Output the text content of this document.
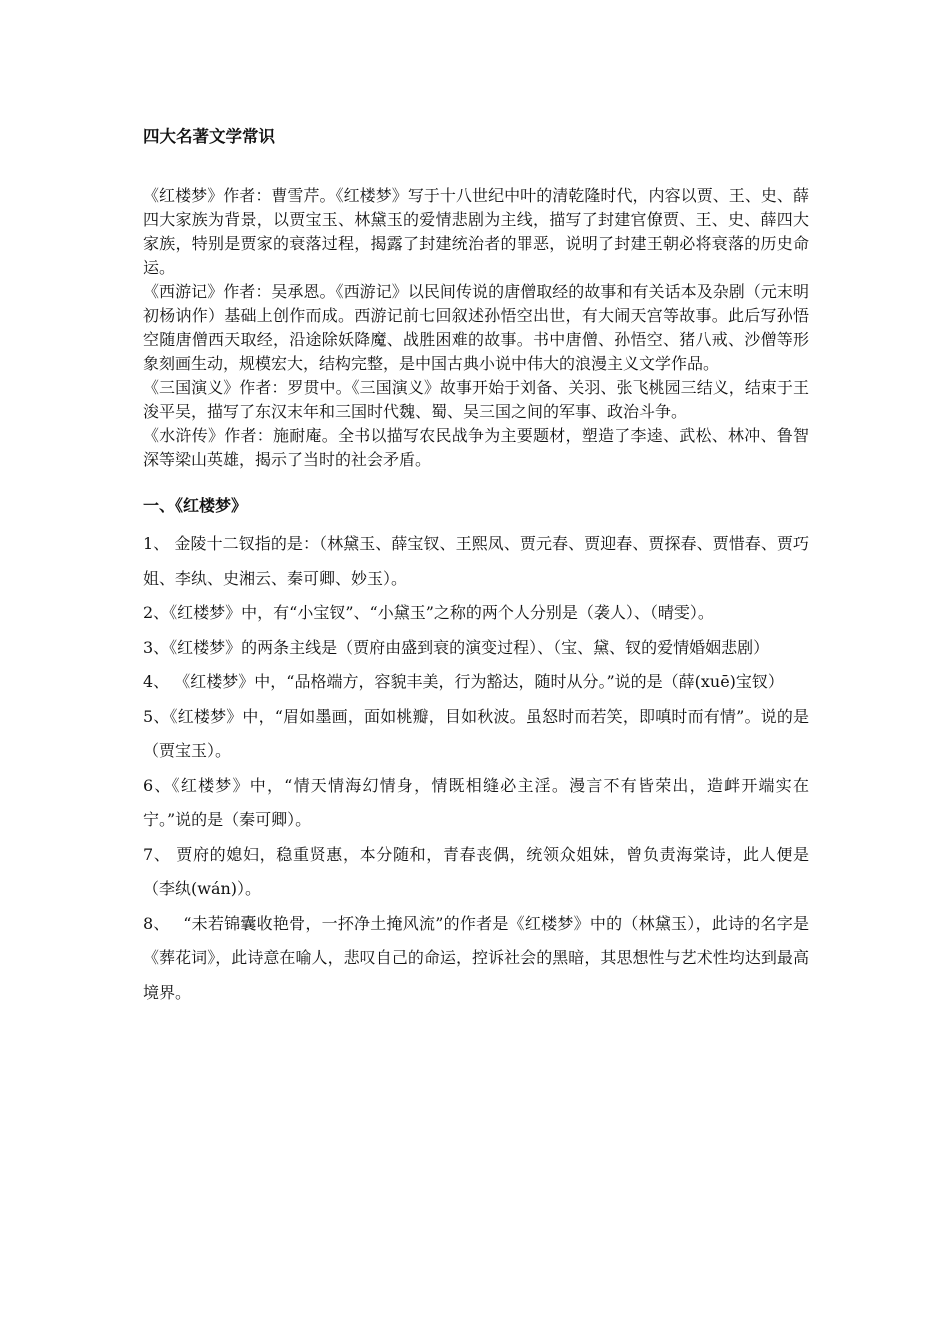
四大名著文学常识

《红楼梦》作者：曹雪芹。《红楼梦》写于十八世纪中叶的清乾隆时代，内容以贾、王、史、薛四大家族为背景，以贾宝玉、林黛玉的爱情悲剧为主线，描写了封建官僚贾、王、史、薛四大家族，特别是贾家的衰落过程，揭露了封建统治者的罪恶，说明了封建王朝必将衰落的历史命运。

《西游记》作者：吴承恩。《西游记》以民间传说的唐僧取经的故事和有关话本及杂剧（元末明初杨讷作）基础上创作而成。西游记前七回叙述孙悟空出世，有大闹天宫等故事。此后写孙悟空随唐僧西天取经，沿途除妖降魔、战胜困难的故事。书中唐僧、孙悟空、猪八戒、沙僧等形象刻画生动，规模宏大，结构完整，是中国古典小说中伟大的浪漫主义文学作品。

《三国演义》作者：罗贯中。《三国演义》故事开始于刘备、关羽、张飞桃园三结义，结束于王浚平吴，描写了东汉末年和三国时代魏、蜀、吴三国之间的军事、政治斗争。

《水浒传》作者：施耐庵。全书以描写农民战争为主要题材，塑造了李逵、武松、林冲、鲁智深等梁山英雄，揭示了当时的社会矛盾。

一、《红楼梦》

1、 金陵十二钗指的是：（林黛玉、薛宝钗、王熙凤、贾元春、贾迎春、贾探春、贾惜春、贾巧姐、李纨、史湘云、秦可卿、妙玉）。

2、《红楼梦》中，有“小宝钗”、“小黛玉”之称的两个人分别是（袭人）、（晴雯）。

3、《红楼梦》的两条主线是（贾府由盛到衰的演变过程）、（宝、黛、钗的爱情婚姻悲剧）

4、 《红楼梦》中，“品格端方，容貌丰美，行为豁达，随时从分。”说的是（薛(xuē)宝钗）

5、《红楼梦》中，“眉如墨画，面如桃瓣，目如秋波。虽怒时而若笑，即嗔时而有情”。说的是（贾宝玉）。

6、《红楼梦》中，“情天情海幻情身，情既相缝必主淫。漫言不有皆荣出，造衅开端实在宁。”说的是（秦可卿）。

7、 贾府的媳妇，稳重贤惠，本分随和，青春丧偶，统领众姐妹，曾负责海棠诗，此人便是（李纨(wán)）。

8、　 “未若锦囊收艳骨，一抔净土掩风流”的作者是《红楼梦》中的（林黛玉），此诗的名字是《葬花词》，此诗意在喻人，悲叹自己的命运，控诉社会的黑暗，其思想性与艺术性均达到最高境界。
